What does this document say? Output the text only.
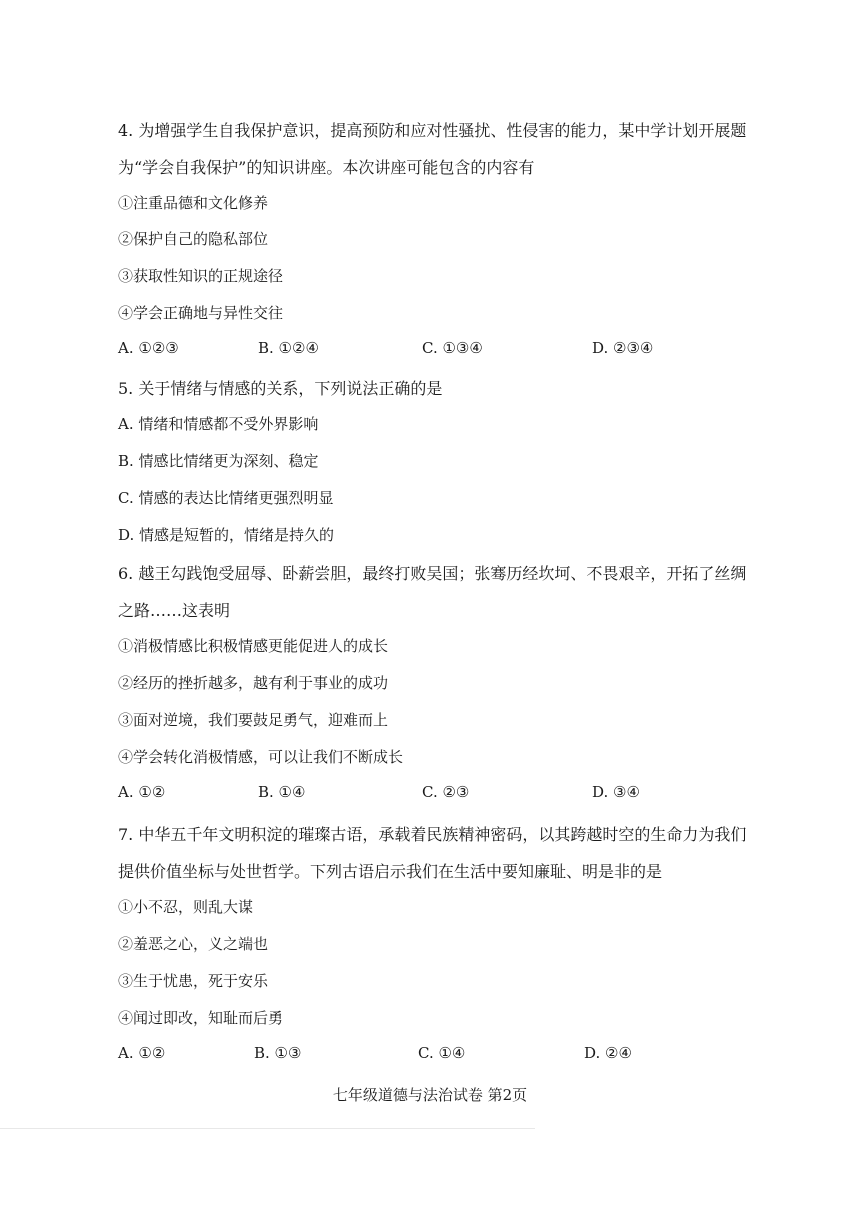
4. 为增强学生自我保护意识，提高预防和应对性骚扰、性侵害的能力，某中学计划开展题
为“学会自我保护”的知识讲座。本次讲座可能包含的内容有
①注重品德和文化修养
②保护自己的隐私部位
③获取性知识的正规途径
④学会正确地与异性交往
A. ①②③	B. ①②④	C. ①③④	D. ②③④
5. 关于情绪与情感的关系，下列说法正确的是
A. 情绪和情感都不受外界影响
B. 情感比情绪更为深刻、稳定
C. 情感的表达比情绪更强烈明显
D. 情感是短暂的，情绪是持久的
6. 越王勾践饱受屈辱、卧薪尝胆，最终打败吴国；张骞历经坎坷、不畏艰辛，开拓了丝绸
之路……这表明
①消极情感比积极情感更能促进人的成长
②经历的挫折越多，越有利于事业的成功
③面对逆境，我们要鼓足勇气，迎难而上
④学会转化消极情感，可以让我们不断成长
A. ①②	B. ①④	C. ②③	D. ③④
7. 中华五千年文明积淀的璀璨古语，承载着民族精神密码，以其跨越时空的生命力为我们
提供价值坐标与处世哲学。下列古语启示我们在生活中要知廉耻、明是非的是
①小不忍，则乱大谋
②羞恶之心，义之端也
③生于忧患，死于安乐
④闻过即改，知耻而后勇
A. ①②	B. ①③	C. ①④	D. ②④
七年级道德与法治试卷 第2页
